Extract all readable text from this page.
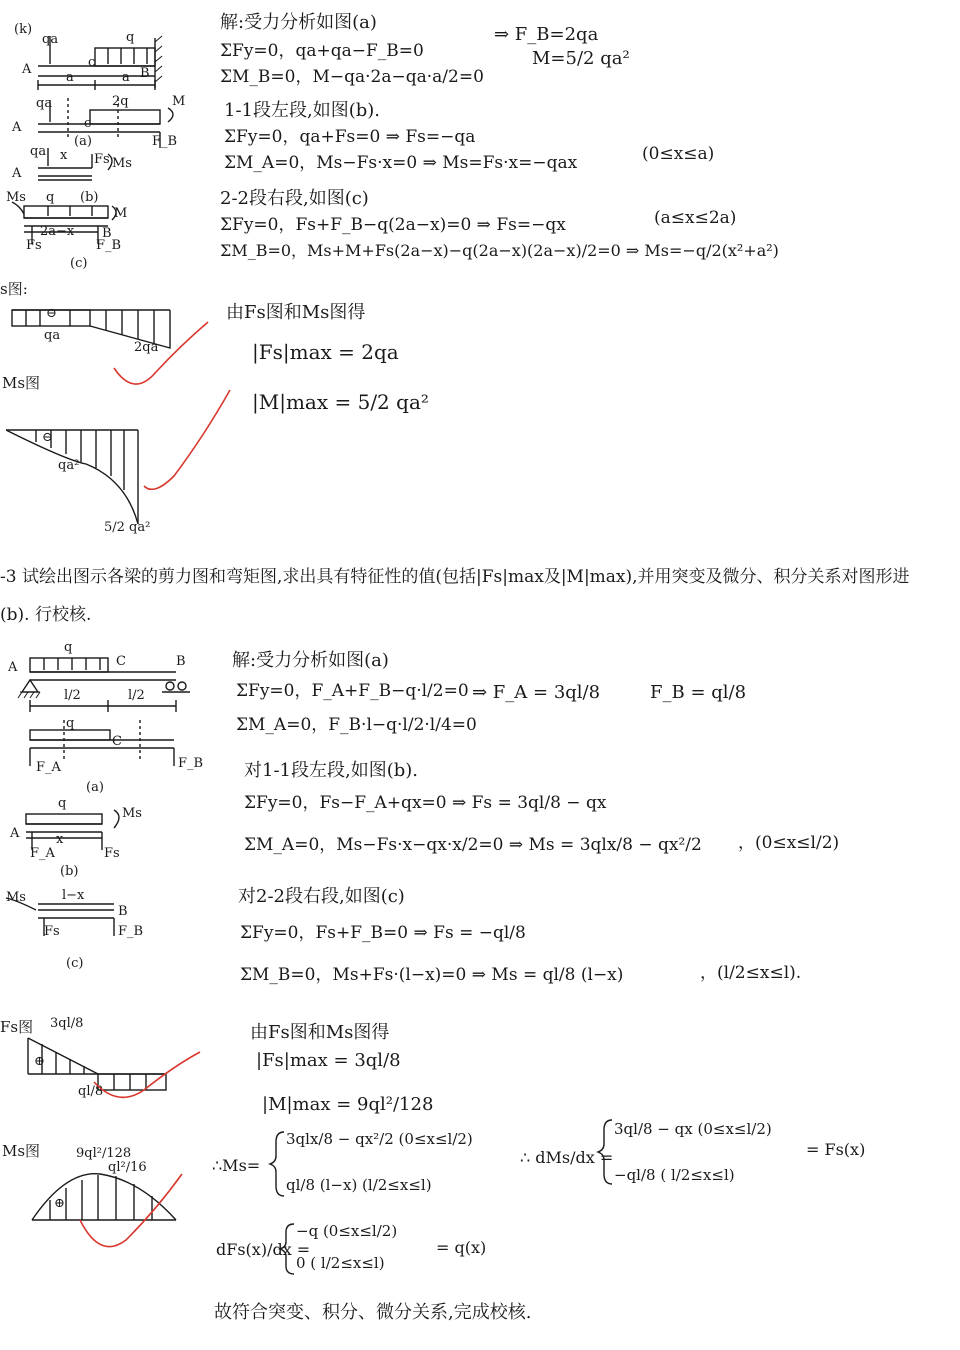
(k)
qa	q
A	c
B
a	a
qa	2q	M
A	c
F_B
(a)
qa
A
x Fs Ms
Ms q (b)
2a−x
Fs
B
F_B
M
(c)
s图:
⊖
qa
2qa
Ms图
⊖
qa²
5/2 qa²
解:受力分析如图(a)
ΣFy=0，qa+qa−F_B=0
ΣM_B=0，M−qa·2a−qa·a/2=0
⇒ F_B=2qa
M=5/2 qa²
1-1段左段,如图(b).
ΣFy=0，qa+Fs=0 ⇒ Fs=−qa
ΣM_A=0，Ms−Fs·x=0 ⇒ Ms=Fs·x=−qax	(0≤x≤a)
2-2段右段,如图(c)
ΣFy=0，Fs+F_B−q(2a−x)=0 ⇒ Fs=−qx	(a≤x≤2a)
ΣM_B=0，Ms+M+Fs(2a−x)−q(2a−x)(2a−x)/2=0 ⇒ Ms=−q/2(x²+a²)
由Fs图和Ms图得
|Fs|max = 2qa
|M|max = 5/2 qa²
-3 试绘出图示各梁的剪力图和弯矩图,求出具有特征性的值(包括|Fs|max及|M|max),并用突变及微分、积分关系对图形进
(b). 行校核.
A
q
C	B
l/2	l/2
q
C
F_A	F_B
(a)
q
A	x
F_A	Fs
Ms
(b)
Ms	l−x
B
Fs	F_B
(c)
Fs图 3ql/8
⊕
ql/8
Ms图	9ql²/128
ql²/16
⊕
解:受力分析如图(a)
ΣFy=0，F_A+F_B−q·l/2=0
ΣM_A=0，F_B·l−q·l/2·l/4=0
⇒ F_A = 3ql/8	F_B = ql/8
对1-1段左段,如图(b).
ΣFy=0，Fs−F_A+qx=0 ⇒ Fs = 3ql/8 − qx
ΣM_A=0，Ms−Fs·x−qx·x/2=0 ⇒ Ms = 3qlx/8 − qx²/2 ，(0≤x≤l/2)
对2-2段右段,如图(c)
ΣFy=0，Fs+F_B=0 ⇒ Fs = −ql/8
ΣM_B=0，Ms+Fs·(l−x)=0 ⇒ Ms = ql/8 (l−x)	，(l/2≤x≤l).
由Fs图和Ms图得
|Fs|max = 3ql/8
|M|max = 9ql²/128
∴Ms=
3qlx/8 − qx²/2 (0≤x≤l/2)
ql/8 (l−x) (l/2≤x≤l)
∴ dMs/dx =
3ql/8 − qx (0≤x≤l/2)
−ql/8 ( l/2≤x≤l)
= Fs(x)
dFs(x)/dx =
−q (0≤x≤l/2)
0 ( l/2≤x≤l)
= q(x)
故符合突变、积分、微分关系,完成校核.
